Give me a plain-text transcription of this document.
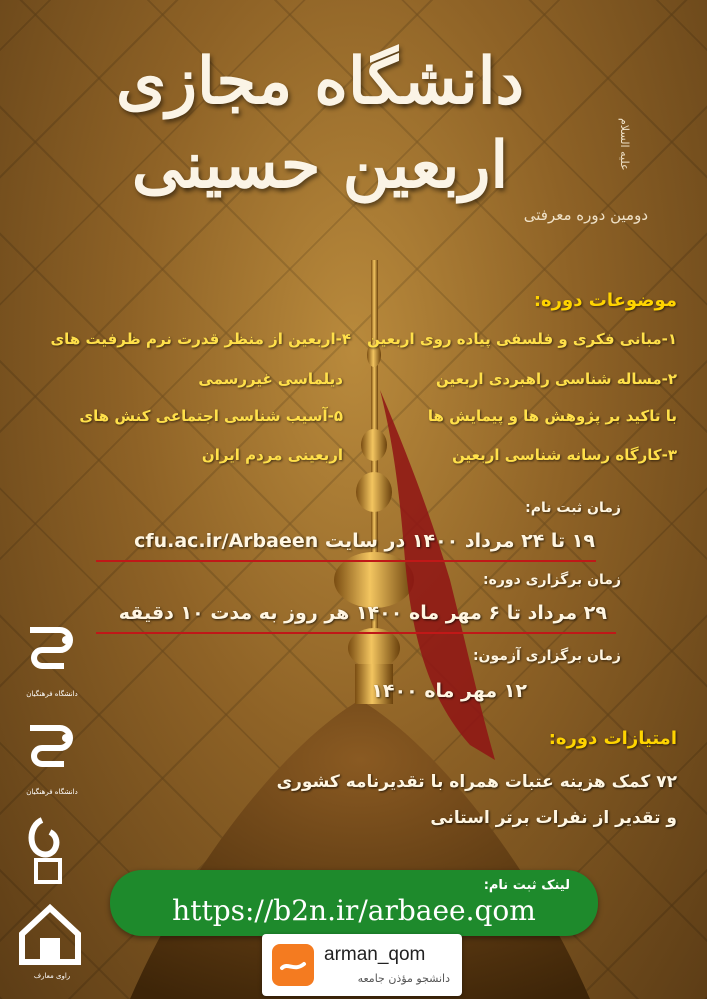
دانشگاه مجازی اربعین حسینی	علیه السلام
دومین دوره معرفتی
موضوعات دوره:
۱-مبانی فکری و فلسفی پیاده روی اربعین
۴-اربعین از منظر قدرت نرم ظرفیت های
۲-مساله شناسی راهبردی اربعین
دیلماسی غیررسمی
با تاکید بر پژوهش ها و پیمایش ها
۵-آسیب شناسی اجتماعی کنش های
۳-کارگاه رسانه شناسی اربعین
اربعینی مردم ایران
زمان ثبت نام:
۱۹ تا ۲۴ مرداد ۱۴۰۰ در سایت cfu.ac.ir/Arbaeen
زمان برگزاری دوره:
۲۹ مرداد تا ۶ مهر ماه ۱۴۰۰ هر روز به مدت ۱۰ دقیقه
زمان برگزاری آزمون:
۱۲ مهر ماه ۱۴۰۰
امتیازات دوره:
۷۲ کمک هزینه عتبات همراه با تقدیرنامه کشوری
و تقدیر از نفرات برتر استانی
دانشگاه فرهنگیان
دانشگاه فرهنگیان
راوی معارف
لینک ثبت نام:
https://b2n.ir/arbaee.qom
arman_qom
دانشجو مؤذن جامعه
